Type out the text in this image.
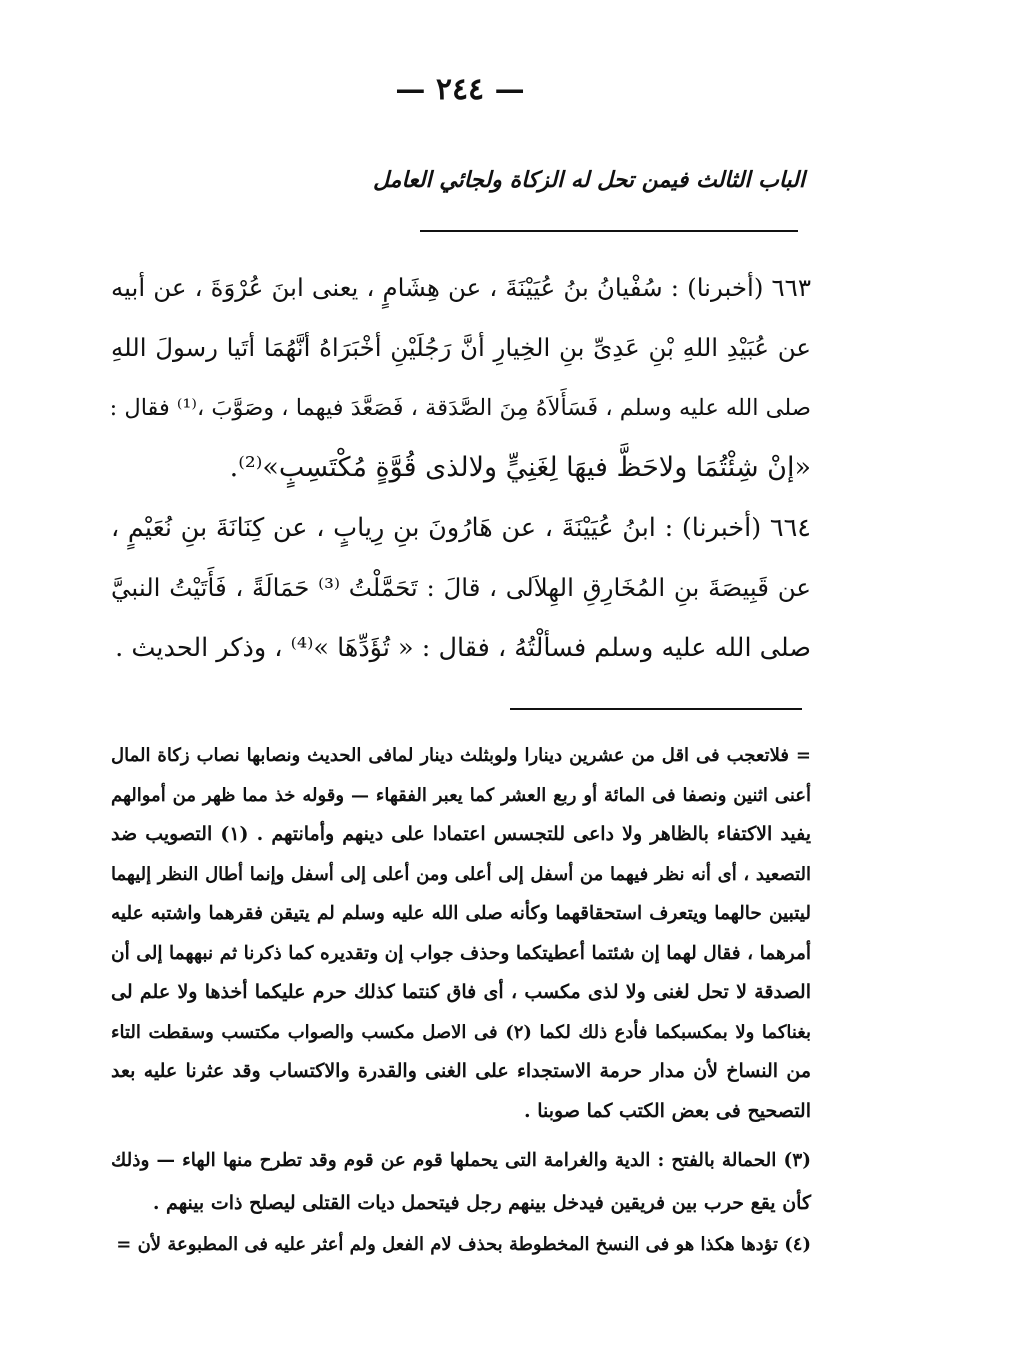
— ٢٤٤ —
الباب الثالث فيمن تحل له الزكاة ولجائي العامل
٦٦٣ (أخبرنا) : سُفْيانُ بنُ عُيَيْنَةَ ، عن هِشَامٍ ، يعنى ابنَ عُرْوَةَ ، عن أبيه
عن عُبَيْدِ اللهِ بْنِ عَدِىِّ بنِ الخِيارِ أنَّ رَجُلَيْنِ أخْبَرَاهُ أنَّهُمَا أتَيا رسولَ اللهِ
صلى الله عليه وسلم ، فَسَأَلاَهُ مِنَ الصَّدَقة ، فَصَعَّدَ فيهما ، وصَوَّبَ ،⁽¹⁾ فقال :
«إنْ شِئْتُمَا ولاحَظَّ فيهَا لِغَنِيٍّ ولالذى قُوَّةٍ مُكْتَسِبٍ»⁽²⁾.
٦٦٤ (أخبرنا) : ابنُ عُيَيْنَةَ ، عن هَارُونَ بنِ رِيابٍ ، عن كِنَانَةَ بنِ نُعَيْمٍ ،
عن قَبِيصَةَ بنِ المُخَارِقِ الهِلاَلى ، قالَ : تَحَمَّلْتُ ⁽³⁾ حَمَالَةً ، فَأَتَيْتُ النبيَّ
صلى الله عليه وسلم فسألْتُهُ ، فقال : « تُؤَدِّهَا »⁽⁴⁾ ، وذكر الحديث .
= فلاتعجب فى اقل من عشرين دينارا ولوبثلث دينار لمافى الحديث ونصابها نصاب زكاة المال
أعنى اثنين ونصفا فى المائة أو ربع العشر كما يعبر الفقهاء — وقوله خذ مما ظهر من أموالهم
يفيد الاكتفاء بالظاهر ولا داعى للتجسس اعتمادا على دينهم وأمانتهم . (١) التصويب ضد
التصعيد ، أى أنه نظر فيهما من أسفل إلى أعلى ومن أعلى إلى أسفل وإنما أطال النظر إليهما
ليتبين حالهما ويتعرف استحقاقهما وكأنه صلى الله عليه وسلم لم يتيقن فقرهما واشتبه عليه
أمرهما ، فقال لهما إن شئتما أعطيتكما وحذف جواب إن وتقديره كما ذكرنا ثم نبههما إلى أن
الصدقة لا تحل لغنى ولا لذى مكسب ، أى فاق كنتما كذلك حرم عليكما أخذها ولا علم لى
بغناكما ولا بمكسبكما فأدع ذلك لكما (٢) فى الاصل مكسب والصواب مكتسب وسقطت التاء
من النساخ لأن مدار حرمة الاستجداء على الغنى والقدرة والاكتساب وقد عثرنا عليه بعد
التصحيح فى بعض الكتب كما صوبنا .
(٣) الحمالة بالفتح : الدية والغرامة التى يحملها قوم عن قوم وقد تطرح منها الهاء — وذلك
كأن يقع حرب بين فريقين فيدخل بينهم رجل فيتحمل ديات القتلى ليصلح ذات بينهم .
(٤) تؤدها هكذا هو فى النسخ المخطوطة بحذف لام الفعل ولم أعثر عليه فى المطبوعة لأن =
